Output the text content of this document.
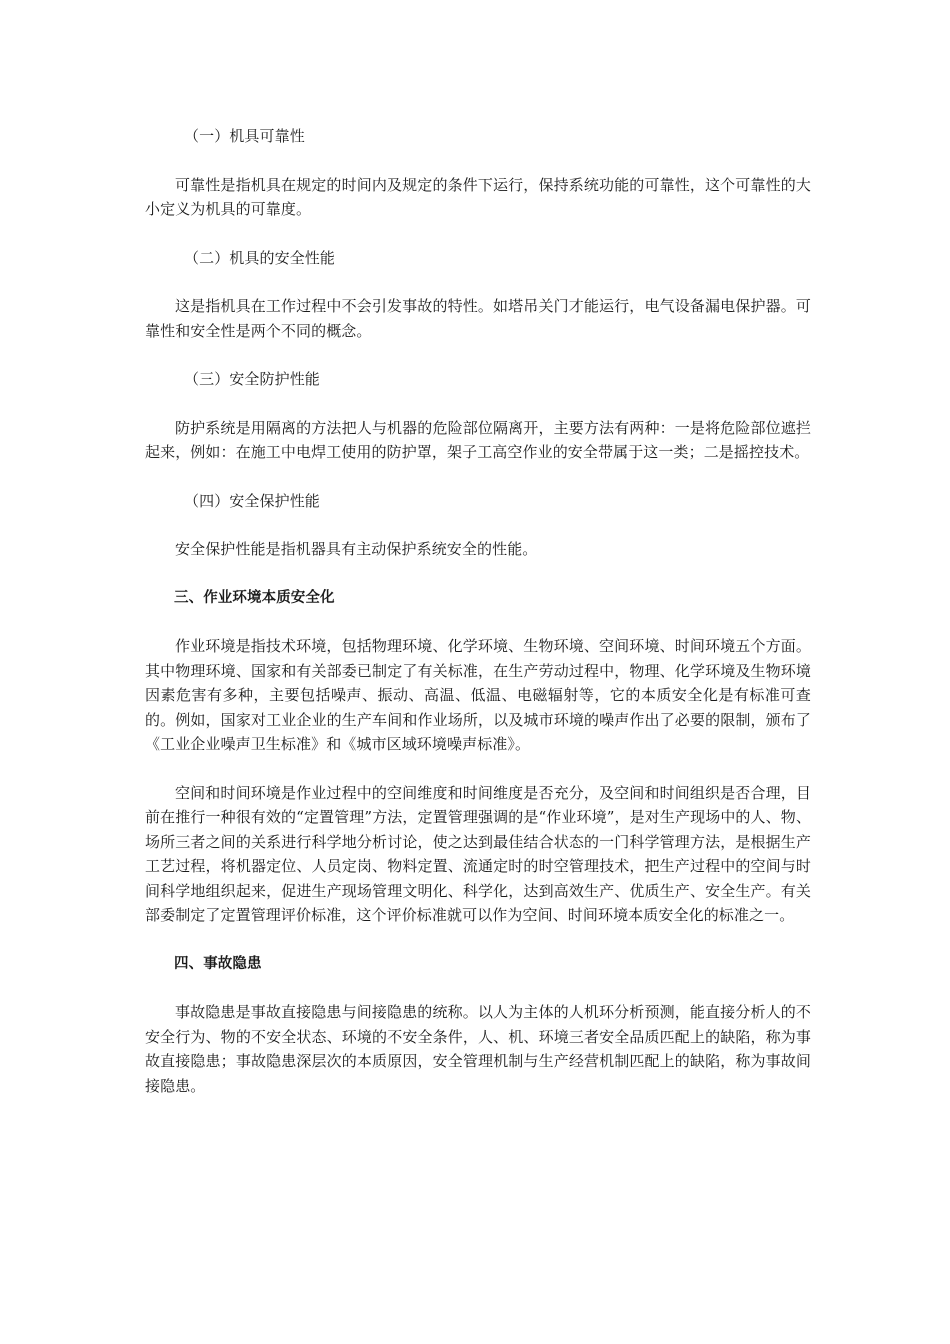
（一）机具可靠性

可靠性是指机具在规定的时间内及规定的条件下运行，保持系统功能的可靠性，这个可靠性的大小定义为机具的可靠度。

（二）机具的安全性能

这是指机具在工作过程中不会引发事故的特性。如塔吊关门才能运行，电气设备漏电保护器。可靠性和安全性是两个不同的概念。

（三）安全防护性能

防护系统是用隔离的方法把人与机器的危险部位隔离开，主要方法有两种：一是将危险部位遮拦起来，例如：在施工中电焊工使用的防护罩，架子工高空作业的安全带属于这一类；二是摇控技术。

（四）安全保护性能

安全保护性能是指机器具有主动保护系统安全的性能。

三、作业环境本质安全化

作业环境是指技术环境，包括物理环境、化学环境、生物环境、空间环境、时间环境五个方面。其中物理环境、国家和有关部委已制定了有关标准，在生产劳动过程中，物理、化学环境及生物环境因素危害有多种，主要包括噪声、振动、高温、低温、电磁辐射等，它的本质安全化是有标准可查的。例如，国家对工业企业的生产车间和作业场所，以及城市环境的噪声作出了必要的限制，颁布了《工业企业噪声卫生标准》和《城市区域环境噪声标准》。

空间和时间环境是作业过程中的空间维度和时间维度是否充分，及空间和时间组织是否合理，目前在推行一种很有效的“定置管理”方法，定置管理强调的是“作业环境”，是对生产现场中的人、物、场所三者之间的关系进行科学地分析讨论，使之达到最佳结合状态的一门科学管理方法，是根据生产工艺过程，将机器定位、人员定岗、物料定置、流通定时的时空管理技术，把生产过程中的空间与时间科学地组织起来，促进生产现场管理文明化、科学化，达到高效生产、优质生产、安全生产。有关部委制定了定置管理评价标准，这个评价标准就可以作为空间、时间环境本质安全化的标准之一。

四、事故隐患

事故隐患是事故直接隐患与间接隐患的统称。以人为主体的人机环分析预测，能直接分析人的不安全行为、物的不安全状态、环境的不安全条件，人、机、环境三者安全品质匹配上的缺陷，称为事故直接隐患；事故隐患深层次的本质原因，安全管理机制与生产经营机制匹配上的缺陷，称为事故间接隐患。
